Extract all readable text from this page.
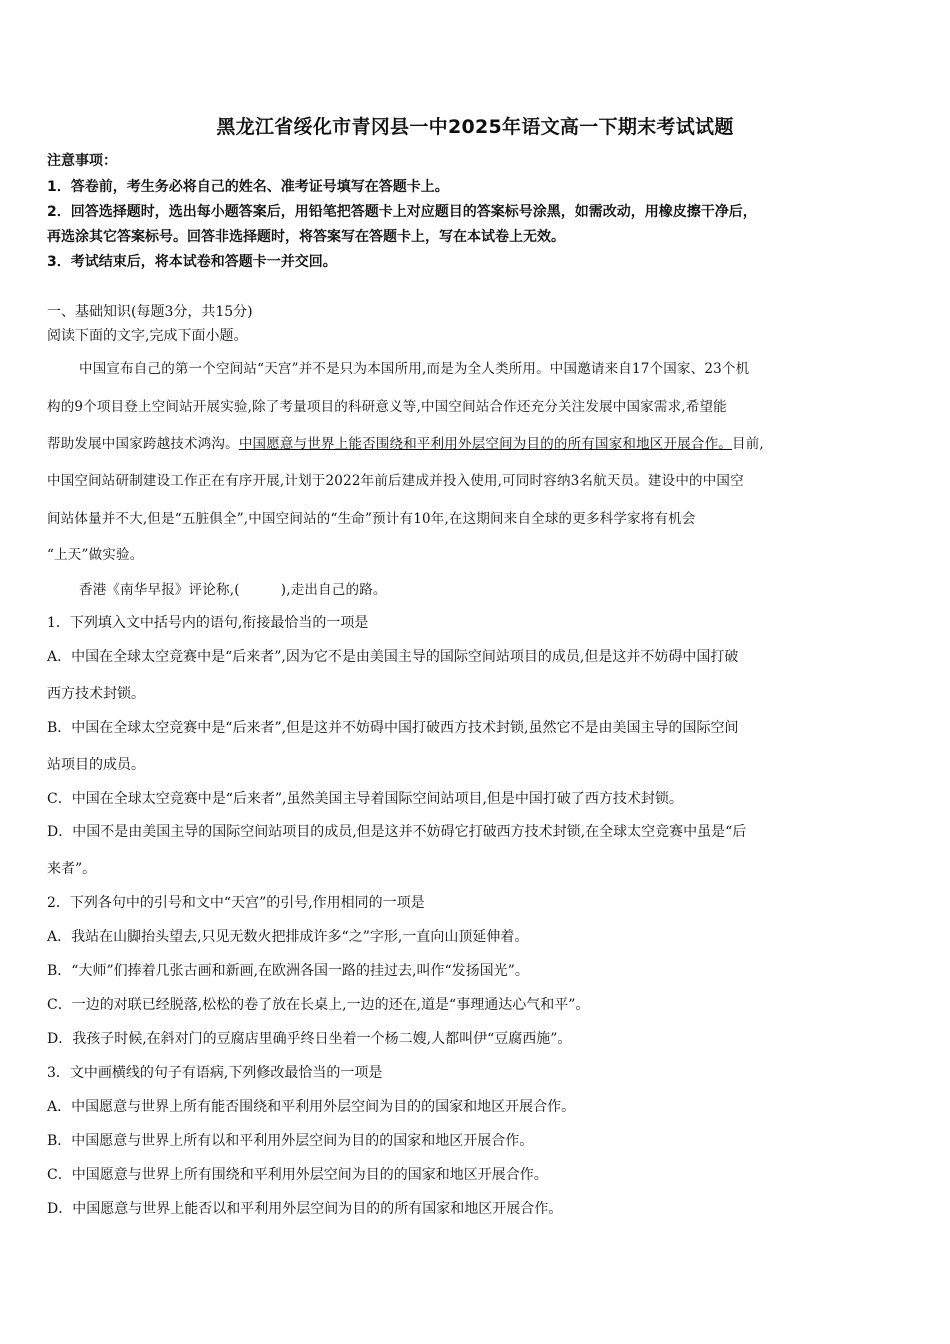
黑龙江省绥化市青冈县一中2025年语文高一下期末考试试题
注意事项：
1．答卷前，考生务必将自己的姓名、准考证号填写在答题卡上。
2．回答选择题时，选出每小题答案后，用铅笔把答题卡上对应题目的答案标号涂黑，如需改动，用橡皮擦干净后，
再选涂其它答案标号。回答非选择题时，将答案写在答题卡上，写在本试卷上无效。
3．考试结束后，将本试卷和答题卡一并交回。
一、基础知识(每题3分，共15分)
阅读下面的文字,完成下面小题。
中国宣布自己的第一个空间站“天宫”并不是只为本国所用,而是为全人类所用。中国邀请来自17个国家、23个机
构的9个项目登上空间站开展实验,除了考量项目的科研意义等,中国空间站合作还充分关注发展中国家需求,希望能
帮助发展中国家跨越技术鸿沟。中国愿意与世界上能否围绕和平利用外层空间为目的的所有国家和地区开展合作。目前,
中国空间站研制建设工作正在有序开展,计划于2022年前后建成并投入使用,可同时容纳3名航天员。建设中的中国空
间站体量并不大,但是“五脏俱全”,中国空间站的“生命”预计有10年,在这期间来自全球的更多科学家将有机会
“上天”做实验。
香港《南华早报》评论称,(　　　),走出自己的路。
1．下列填入文中括号内的语句,衔接最恰当的一项是
A．中国在全球太空竞赛中是“后来者”,因为它不是由美国主导的国际空间站项目的成员,但是这并不妨碍中国打破
西方技术封锁。
B．中国在全球太空竞赛中是“后来者”,但是这并不妨碍中国打破西方技术封锁,虽然它不是由美国主导的国际空间
站项目的成员。
C．中国在全球太空竞赛中是“后来者”,虽然美国主导着国际空间站项目,但是中国打破了西方技术封锁。
D．中国不是由美国主导的国际空间站项目的成员,但是这并不妨碍它打破西方技术封锁,在全球太空竞赛中虽是“后
来者”。
2．下列各句中的引号和文中“天宫”的引号,作用相同的一项是
A．我站在山脚抬头望去,只见无数火把排成许多“之”字形,一直向山顶延伸着。
B．“大师”们捧着几张古画和新画,在欧洲各国一路的挂过去,叫作“发扬国光”。
C．一边的对联已经脱落,松松的卷了放在长桌上,一边的还在,道是“事理通达心气和平”。
D．我孩子时候,在斜对门的豆腐店里确乎终日坐着一个杨二嫂,人都叫伊“豆腐西施”。
3．文中画横线的句子有语病,下列修改最恰当的一项是
A．中国愿意与世界上所有能否围绕和平利用外层空间为目的的国家和地区开展合作。
B．中国愿意与世界上所有以和平利用外层空间为目的的国家和地区开展合作。
C．中国愿意与世界上所有围绕和平利用外层空间为目的的国家和地区开展合作。
D．中国愿意与世界上能否以和平利用外层空间为目的的所有国家和地区开展合作。
